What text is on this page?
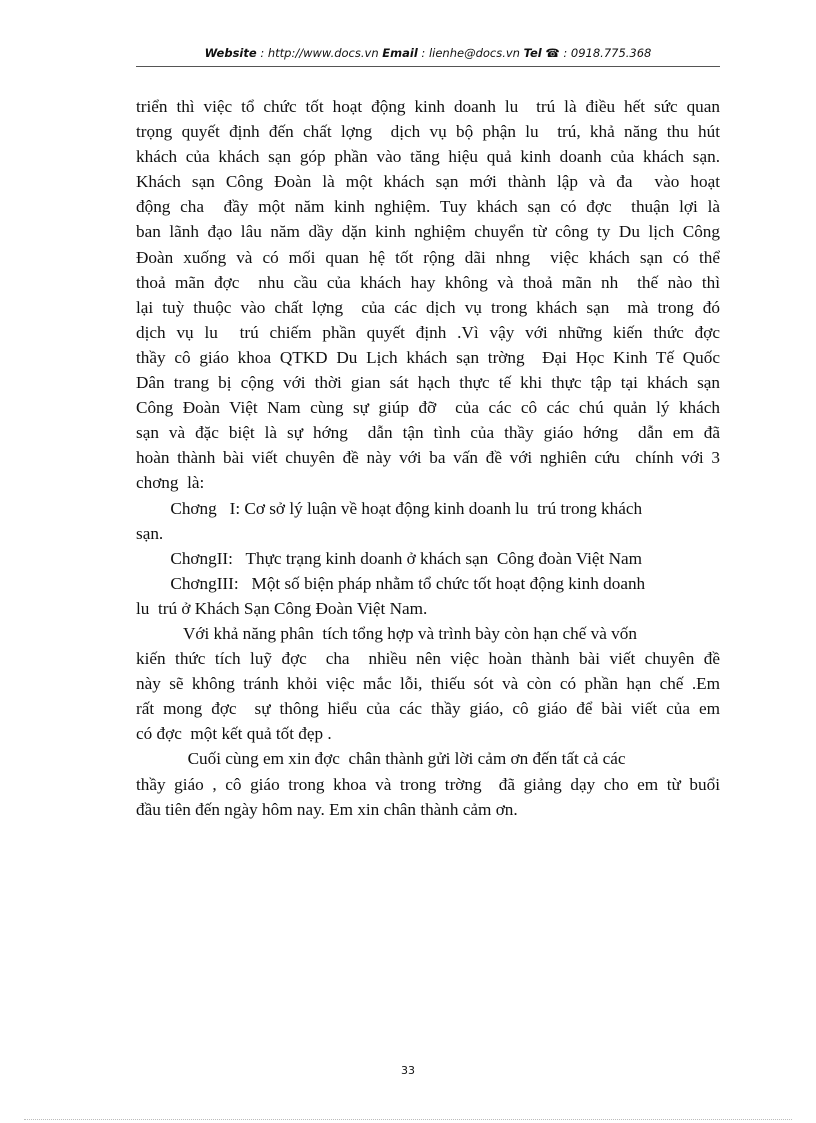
Website : http://www.docs.vn Email : lienhe@docs.vn Tel ☎ : 0918.775.368
triển thì việc tổ chức tốt hoạt động kinh doanh lu  trú là điều hết sức quan
trọng quyết định đến chất lợng  dịch vụ bộ phận lu  trú, khả năng thu hút
khách của khách sạn góp phần vào tăng hiệu quả kinh doanh của khách sạn.
Khách sạn Công Đoàn là một khách sạn mới thành lập và đa  vào hoạt
động cha  đầy một năm kinh nghiệm. Tuy khách sạn có đợc  thuận lợi là
ban lãnh đạo lâu năm dầy dặn kinh nghiệm chuyển từ công ty Du lịch Công
Đoàn xuống và có mối quan hệ tốt rộng dãi nhng  việc khách sạn có thể
thoả mãn đợc  nhu cầu của khách hay không và thoả mãn nh  thế nào thì
lại tuỳ thuộc vào chất lợng  của các dịch vụ trong khách sạn  mà trong đó
dịch vụ lu  trú chiếm phần quyết định .Vì vậy với những kiến thức đợc
thầy cô giáo khoa QTKD Du Lịch khách sạn trờng  Đại Học Kinh Tế Quốc
Dân trang bị cộng với thời gian sát hạch thực tế khi thực tập tại khách sạn
Công Đoàn Việt Nam cùng sự giúp đỡ  của các cô các chú quản lý khách
sạn và đặc biệt là sự hớng  dẫn tận tình của thầy giáo hớng  dẫn em đã
hoàn thành bài viết chuyên đề này với ba vấn đề với nghiên cứu  chính với 3
chơng  là:
Chơng   I: Cơ sở lý luận về hoạt động kinh doanh lu  trú trong khách
sạn.
ChơngII:   Thực trạng kinh doanh ở khách sạn  Công đoàn Việt Nam
ChơngIII:   Một số biện pháp nhằm tổ chức tốt hoạt động kinh doanh
lu  trú ở Khách Sạn Công Đoàn Việt Nam.
Với khả năng phân  tích tổng hợp và trình bày còn hạn chế và vốn
kiến thức tích luỹ đợc  cha  nhiều nên việc hoàn thành bài viết chuyên đề
này sẽ không tránh khỏi việc mắc lỗi, thiếu sót và còn có phần hạn chế .Em
rất mong đợc  sự thông hiểu của các thầy giáo, cô giáo để bài viết của em
có đợc  một kết quả tốt đẹp .
Cuối cùng em xin đợc  chân thành gửi lời cảm ơn đến tất cả các
thầy giáo , cô giáo trong khoa và trong trờng  đã giảng dạy cho em từ buổi
đầu tiên đến ngày hôm nay. Em xin chân thành cảm ơn.
33
